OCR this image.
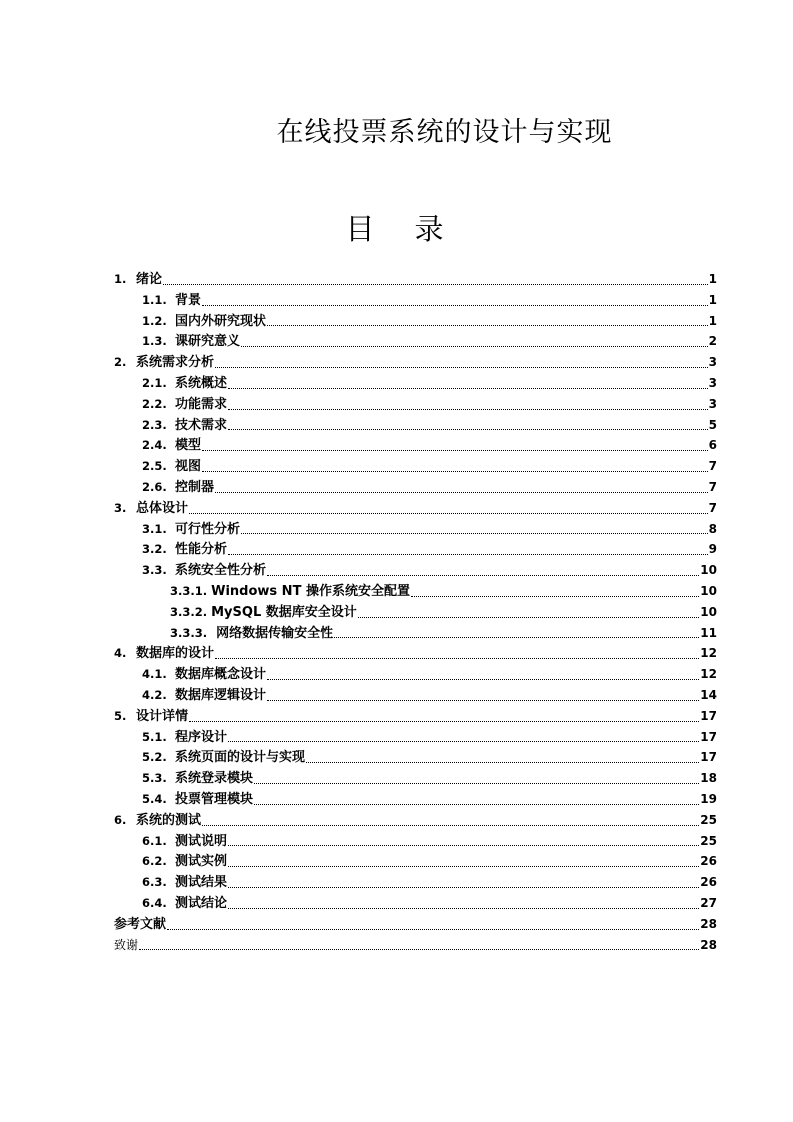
在线投票系统的设计与实现
目录
1. 绪论	1
1.1. 背景	1
1.2. 国内外研究现状	1
1.3. 课研究意义	2
2. 系统需求分析	3
2.1. 系统概述	3
2.2. 功能需求	3
2.3. 技术需求	5
2.4. 模型	6
2.5. 视图	7
2.6. 控制器	7
3. 总体设计	7
3.1. 可行性分析	8
3.2. 性能分析	9
3.3. 系统安全性分析	10
3.3.1. Windows NT 操作系统安全配置	10
3.3.2. MySQL 数据库安全设计	10
3.3.3. 网络数据传输安全性	11
4. 数据库的设计	12
4.1. 数据库概念设计	12
4.2. 数据库逻辑设计	14
5. 设计详情	17
5.1. 程序设计	17
5.2. 系统页面的设计与实现	17
5.3. 系统登录模块	18
5.4. 投票管理模块	19
6. 系统的测试	25
6.1. 测试说明	25
6.2. 测试实例	26
6.3. 测试结果	26
6.4. 测试结论	27
参考文献	28
致谢	28
